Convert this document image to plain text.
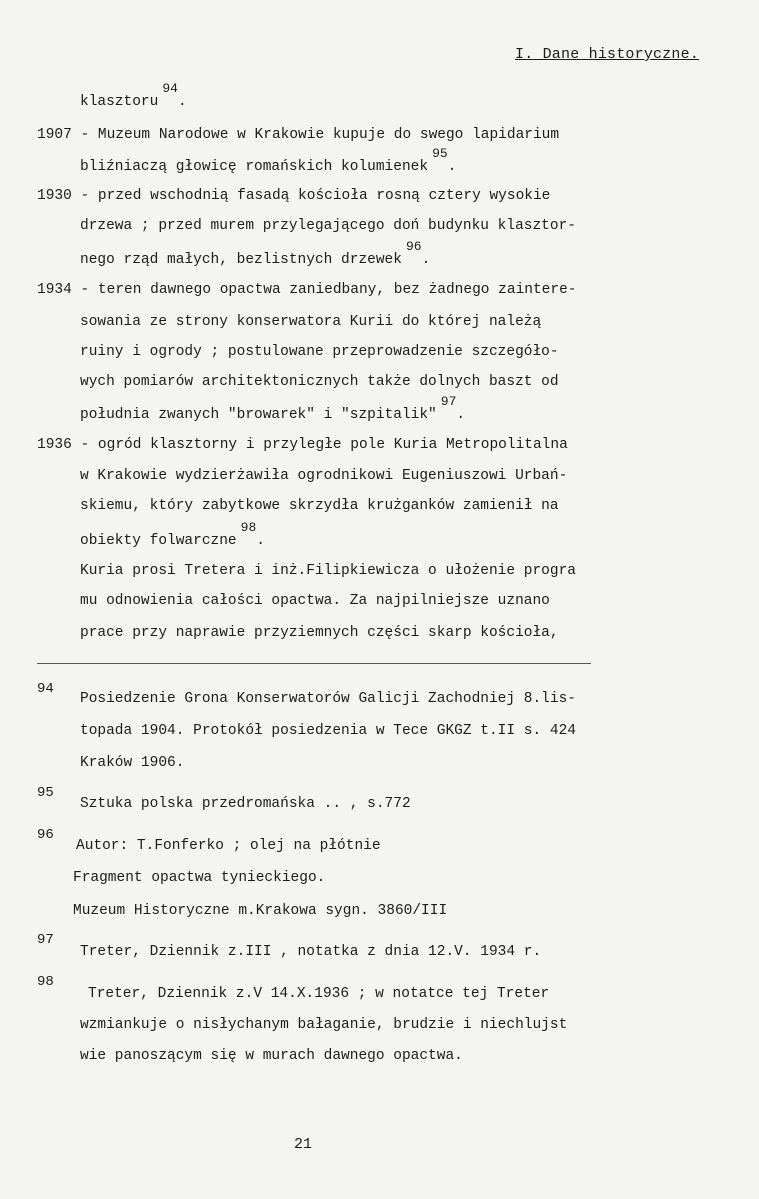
I. Dane historyczne.
klasztoru94.
1907 - Muzeum Narodowe w Krakowie kupuje do swego lapidarium
bliźniaczą głowicę romańskich kolumienek95.
1930 - przed wschodnią fasadą kościoła rosną cztery wysokie
drzewa ; przed murem przylegającego doń budynku klasztor-
nego rząd małych, bezlistnych drzewek96.
1934 - teren dawnego opactwa zaniedbany, bez żadnego zaintere-
sowania ze strony konserwatora Kurii do której należą
ruiny i ogrody ; postulowane przeprowadzenie szczegóło-
wych pomiarów architektonicznych także dolnych baszt od
południa zwanych "browarek" i "szpitalik"97.
1936 - ogród klasztorny i przyległe pole Kuria Metropolitalna
w Krakowie wydzierżawiła ogrodnikowi Eugeniuszowi Urbań-
skiemu, który zabytkowe skrzydła krużganków zamienił na
obiekty folwarczne98.
Kuria prosi Tretera i inż.Filipkiewicza o ułożenie progra
mu odnowienia całości opactwa. Za najpilniejsze uznano
prace przy naprawie przyziemnych części skarp kościoła,
94
Posiedzenie Grona Konserwatorów Galicji Zachodniej 8.lis-
topada 1904. Protokół posiedzenia w Tece GKGZ t.II s. 424
Kraków 1906.
95
Sztuka polska przedromańska .. , s.772
96
Autor: T.Fonferko ; olej na płótnie
Fragment opactwa tynieckiego.
Muzeum Historyczne m.Krakowa sygn. 3860/III
97
Treter, Dziennik z.III , notatka z dnia 12.V. 1934 r.
98
Treter, Dziennik z.V 14.X.1936 ; w notatce tej Treter
wzmiankuje o nisłychanym bałaganie, brudzie i niechlujst
wie panoszącym się w murach dawnego opactwa.
21
